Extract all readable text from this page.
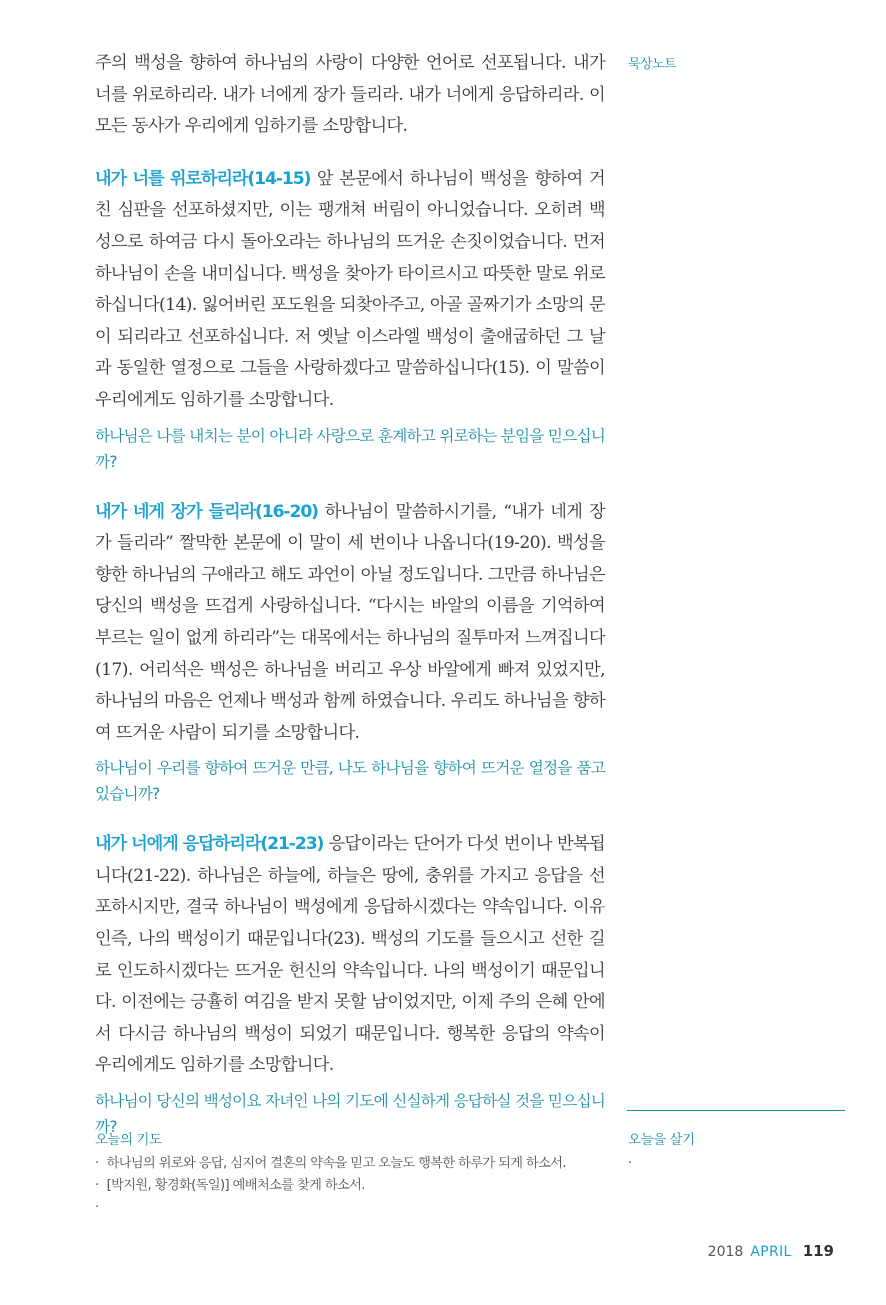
묵상노트

주의 백성을 향하여 하나님의 사랑이 다양한 언어로 선포됩니다. 내가 너를 위로하리라. 내가 너에게 장가 들리라. 내가 너에게 응답하리라. 이 모든 동사가 우리에게 임하기를 소망합니다.

내가 너를 위로하리라(14-15) 앞 본문에서 하나님이 백성을 향하여 거친 심판을 선포하셨지만, 이는 팽개쳐 버림이 아니었습니다. 오히려 백성으로 하여금 다시 돌아오라는 하나님의 뜨거운 손짓이었습니다. 먼저 하나님이 손을 내미십니다. 백성을 찾아가 타이르시고 따뜻한 말로 위로하십니다(14). 잃어버린 포도원을 되찾아주고, 아골 골짜기가 소망의 문이 되리라고 선포하십니다. 저 옛날 이스라엘 백성이 출애굽하던 그 날과 동일한 열정으로 그들을 사랑하겠다고 말씀하십니다(15). 이 말씀이 우리에게도 임하기를 소망합니다.

하나님은 나를 내치는 분이 아니라 사랑으로 훈계하고 위로하는 분임을 믿으십니까?

내가 네게 장가 들리라(16-20) 하나님이 말씀하시기를, “내가 네게 장가 들리라” 짤막한 본문에 이 말이 세 번이나 나옵니다(19-20). 백성을 향한 하나님의 구애라고 해도 과언이 아닐 정도입니다. 그만큼 하나님은 당신의 백성을 뜨겁게 사랑하십니다. “다시는 바알의 이름을 기억하여 부르는 일이 없게 하리라”는 대목에서는 하나님의 질투마저 느껴집니다(17). 어리석은 백성은 하나님을 버리고 우상 바알에게 빠져 있었지만, 하나님의 마음은 언제나 백성과 함께 하였습니다. 우리도 하나님을 향하여 뜨거운 사람이 되기를 소망합니다.

하나님이 우리를 향하여 뜨거운 만큼, 나도 하나님을 향하여 뜨거운 열정을 품고 있습니까?

내가 너에게 응답하리라(21-23) 응답이라는 단어가 다섯 번이나 반복됩니다(21-22). 하나님은 하늘에, 하늘은 땅에, 충위를 가지고 응답을 선포하시지만, 결국 하나님이 백성에게 응답하시겠다는 약속입니다. 이유인즉, 나의 백성이기 때문입니다(23). 백성의 기도를 들으시고 선한 길로 인도하시겠다는 뜨거운 헌신의 약속입니다. 나의 백성이기 때문입니다. 이전에는 긍휼히 여김을 받지 못할 남이었지만, 이제 주의 은혜 안에서 다시금 하나님의 백성이 되었기 때문입니다. 행복한 응답의 약속이 우리에게도 임하기를 소망합니다.

하나님이 당신의 백성이요 자녀인 나의 기도에 신실하게 응답하실 것을 믿으십니까?

오늘의 기도
· 하나님의 위로와 응답, 심지어 결혼의 약속을 믿고 오늘도 행복한 하루가 되게 하소서.
· [박지원, 황경화(독일)] 예배처소를 찾게 하소서.
·
오늘을 살기
·
2018 APRIL 119
